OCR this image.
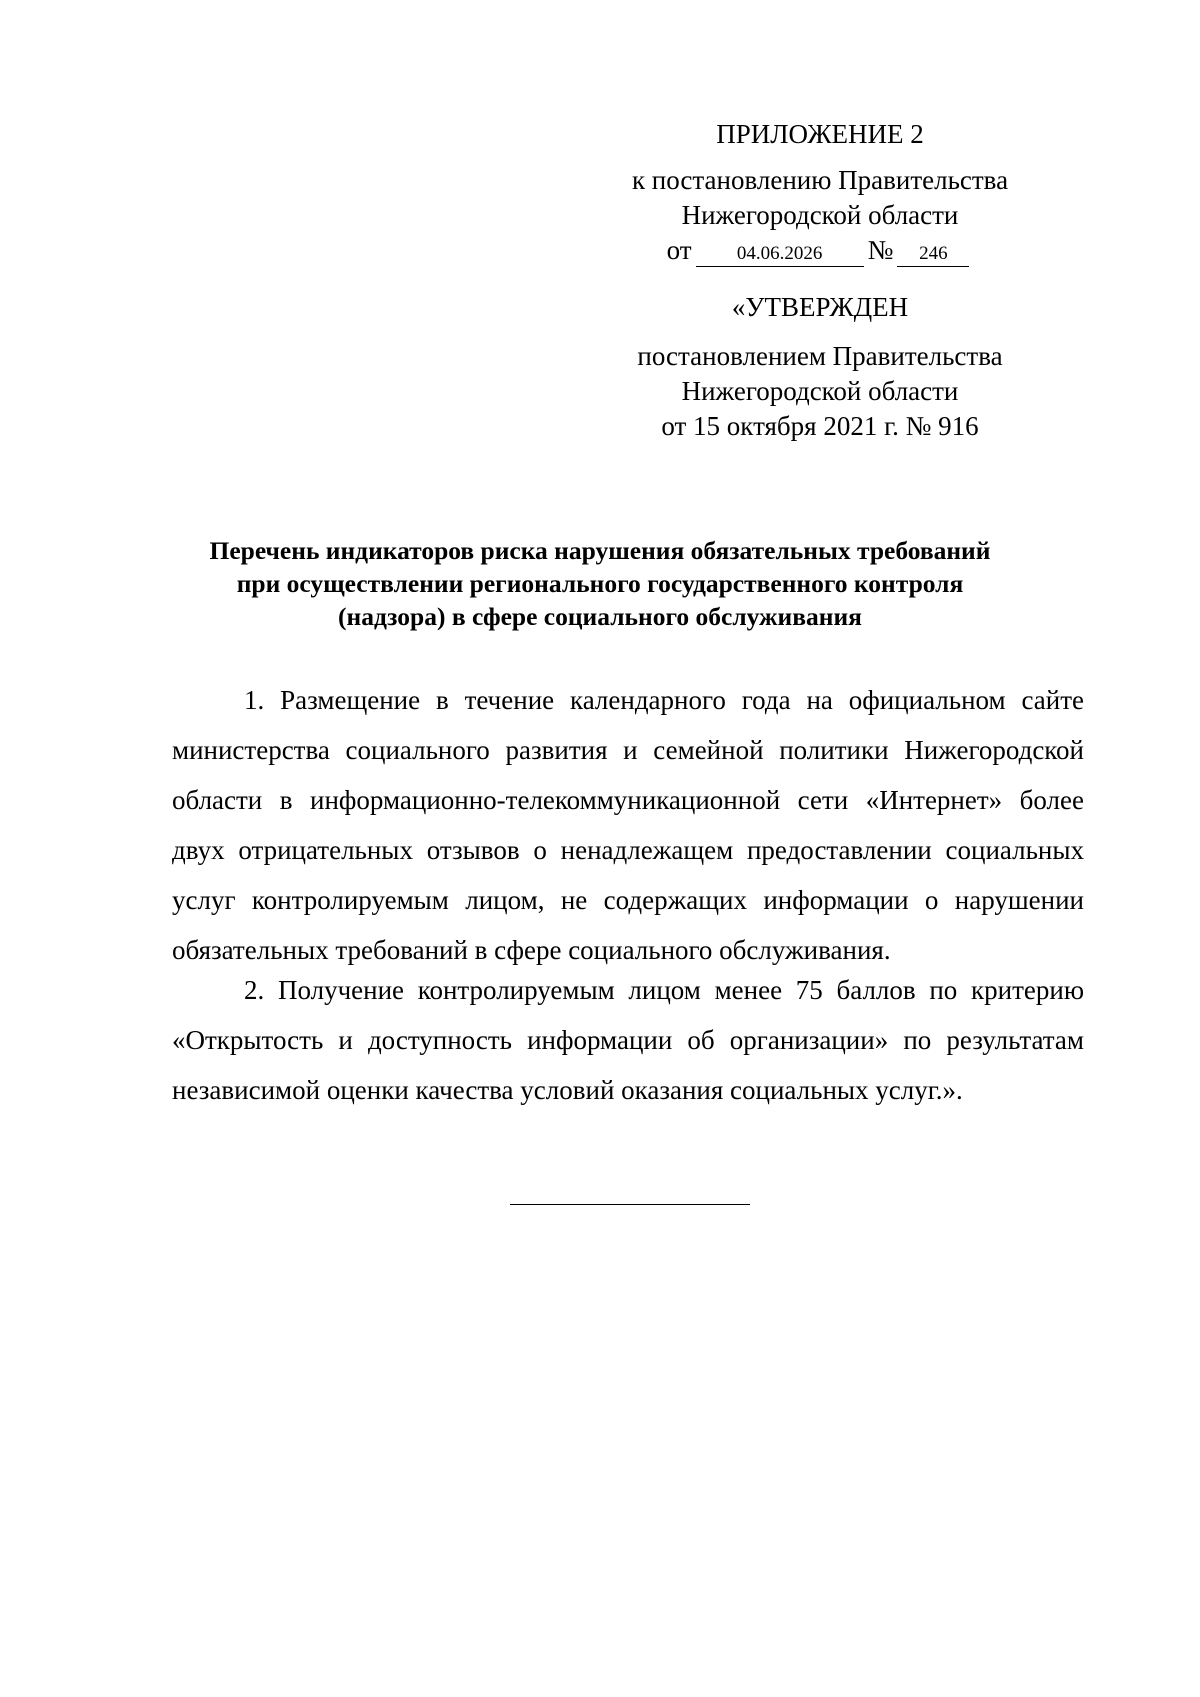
ПРИЛОЖЕНИЕ 2
к постановлению Правительства
Нижегородской области
от	04.06.2026	№	246
«УТВЕРЖДЕН
постановлением Правительства
Нижегородской области
от 15 октября 2021 г. № 916
Перечень индикаторов риска нарушения обязательных требований
при осуществлении регионального государственного контроля
(надзора) в сфере социального обслуживания

1. Размещение в течение календарного года на официальном сайте министерства социального развития и семейной политики Нижегородской области в информационно-телекоммуникационной сети «Интернет» более двух отрицательных отзывов о ненадлежащем предоставлении социальных услуг контролируемым лицом, не содержащих информации о нарушении обязательных требований в сфере социального обслуживания.

2. Получение контролируемым лицом менее 75 баллов по критерию «Открытость и доступность информации об организации» по результатам независимой оценки качества условий оказания социальных услуг.».
